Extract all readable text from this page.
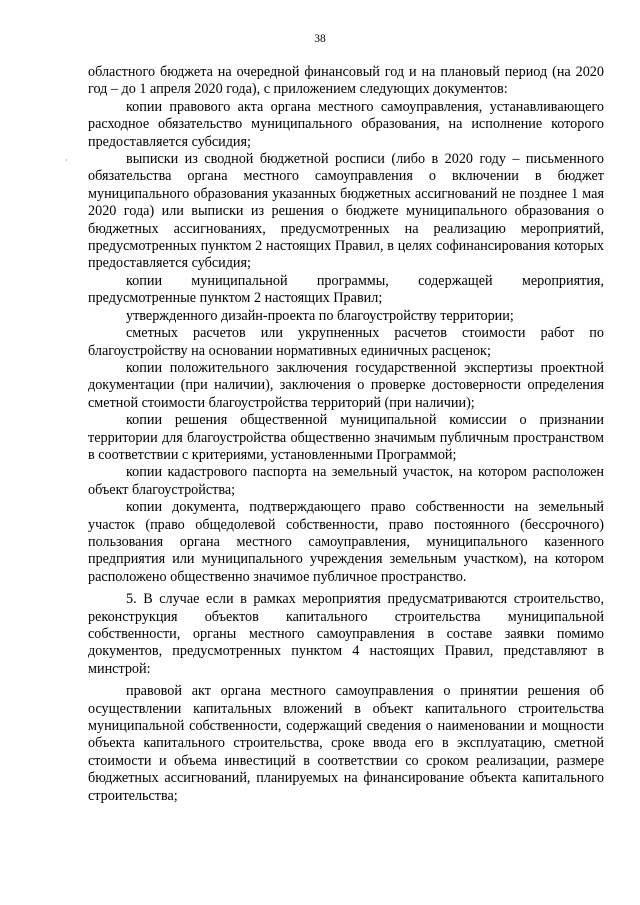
38
·

областного бюджета на очередной финансовый год и на плановый период (на 2020 год – до 1 апреля 2020 года), с приложением следующих документов:

копии правового акта органа местного самоуправления, устанавливающего расходное обязательство муниципального образования, на исполнение которого предоставляется субсидия;

выписки из сводной бюджетной росписи (либо в 2020 году – письменного обязательства органа местного самоуправления о включении в бюджет муниципального образования указанных бюджетных ассигнований не позднее 1 мая 2020 года) или выписки из решения о бюджете муниципального образования о бюджетных ассигнованиях, предусмотренных на реализацию мероприятий, предусмотренных пунктом 2 настоящих Правил, в целях софинансирования которых предоставляется субсидия;

копии муниципальной программы, содержащей мероприятия, предусмотренные пунктом 2 настоящих Правил;

утвержденного дизайн-проекта по благоустройству территории;

сметных расчетов или укрупненных расчетов стоимости работ по благоустройству на основании нормативных единичных расценок;

копии положительного заключения государственной экспертизы проектной документации (при наличии), заключения о проверке достоверности определения сметной стоимости благоустройства территорий (при наличии);

копии решения общественной муниципальной комиссии о признании территории для благоустройства общественно значимым публичным пространством в соответствии с критериями, установленными Программой;

копии кадастрового паспорта на земельный участок, на котором расположен объект благоустройства;

копии документа, подтверждающего право собственности на земельный участок (право общедолевой собственности, право постоянного (бессрочного) пользования органа местного самоуправления, муниципального казенного предприятия или муниципального учреждения земельным участком), на котором расположено общественно значимое публичное пространство.

5. В случае если в рамках мероприятия предусматриваются строительство, реконструкция объектов капитального строительства муниципальной собственности, органы местного самоуправления в составе заявки помимо документов, предусмотренных пунктом 4 настоящих Правил, представляют в минстрой:

правовой акт органа местного самоуправления о принятии решения об осуществлении капитальных вложений в объект капитального строительства муниципальной собственности, содержащий сведения о наименовании и мощности объекта капитального строительства, сроке ввода его в эксплуатацию, сметной стоимости и объема инвестиций в соответствии со сроком реализации, размере бюджетных ассигнований, планируемых на финансирование объекта капитального строительства;
